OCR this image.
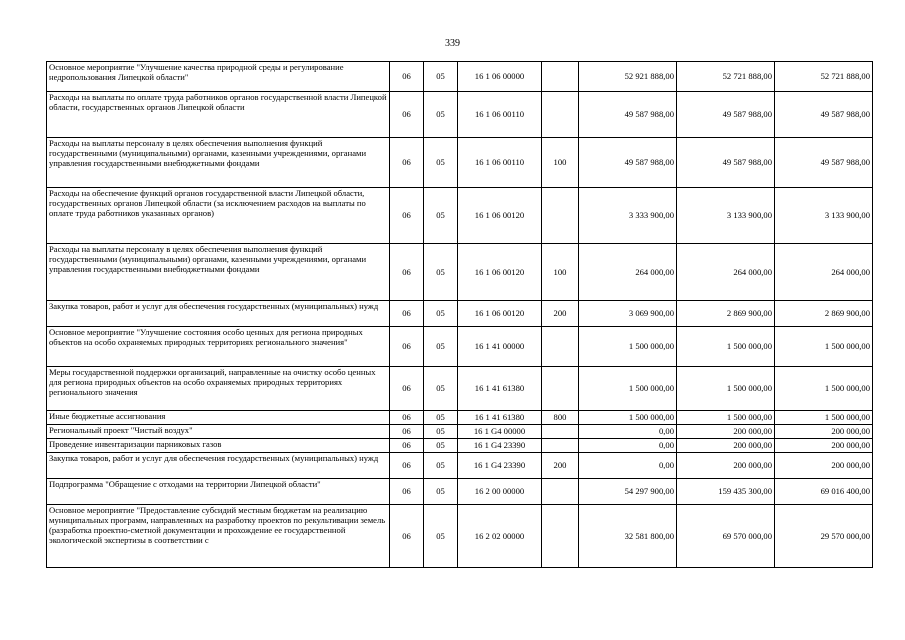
339
Основное мероприятие "Улучшение качества природной среды и регулирование недропользования Липецкой области"	06	05	16 1 06 00000		52 921 888,00	52 721 888,00	52 721 888,00
Расходы на выплаты по оплате труда работников органов государственной власти Липецкой области, государственных органов Липецкой области	06	05	16 1 06 00110		49 587 988,00	49 587 988,00	49 587 988,00
Расходы на выплаты персоналу в целях обеспечения выполнения функций государственными (муниципальными) органами, казенными учреждениями, органами управления государственными внебюджетными фондами	06	05	16 1 06 00110	100	49 587 988,00	49 587 988,00	49 587 988,00
Расходы на обеспечение функций органов государственной власти Липецкой области, государственных органов Липецкой области (за исключением расходов на выплаты по оплате труда работников указанных органов)	06	05	16 1 06 00120		3 333 900,00	3 133 900,00	3 133 900,00
Расходы на выплаты персоналу в целях обеспечения выполнения функций государственными (муниципальными) органами, казенными учреждениями, органами управления государственными внебюджетными фондами	06	05	16 1 06 00120	100	264 000,00	264 000,00	264 000,00
Закупка товаров, работ и услуг для обеспечения государственных (муниципальных) нужд	06	05	16 1 06 00120	200	3 069 900,00	2 869 900,00	2 869 900,00
Основное мероприятие "Улучшение состояния особо ценных для региона природных объектов на особо охраняемых природных территориях регионального значения"	06	05	16 1 41 00000		1 500 000,00	1 500 000,00	1 500 000,00
Меры государственной поддержки организаций, направленные на очистку особо ценных для региона природных объектов на особо охраняемых природных территориях регионального значения	06	05	16 1 41 61380		1 500 000,00	1 500 000,00	1 500 000,00
Иные бюджетные ассигнования	06	05	16 1 41 61380	800	1 500 000,00	1 500 000,00	1 500 000,00
Региональный проект "Чистый воздух"	06	05	16 1 G4 00000		0,00	200 000,00	200 000,00
Проведение инвентаризации парниковых газов	06	05	16 1 G4 23390		0,00	200 000,00	200 000,00
Закупка товаров, работ и услуг для обеспечения государственных (муниципальных) нужд	06	05	16 1 G4 23390	200	0,00	200 000,00	200 000,00
Подпрограмма "Обращение с отходами на территории Липецкой области"	06	05	16 2 00 00000		54 297 900,00	159 435 300,00	69 016 400,00
Основное мероприятие "Предоставление субсидий местным бюджетам на реализацию муниципальных программ, направленных на разработку проектов по рекультивации земель (разработка проектно-сметной документации и прохождение ее государственной экологической экспертизы в соответствии с	06	05	16 2 02 00000		32 581 800,00	69 570 000,00	29 570 000,00
